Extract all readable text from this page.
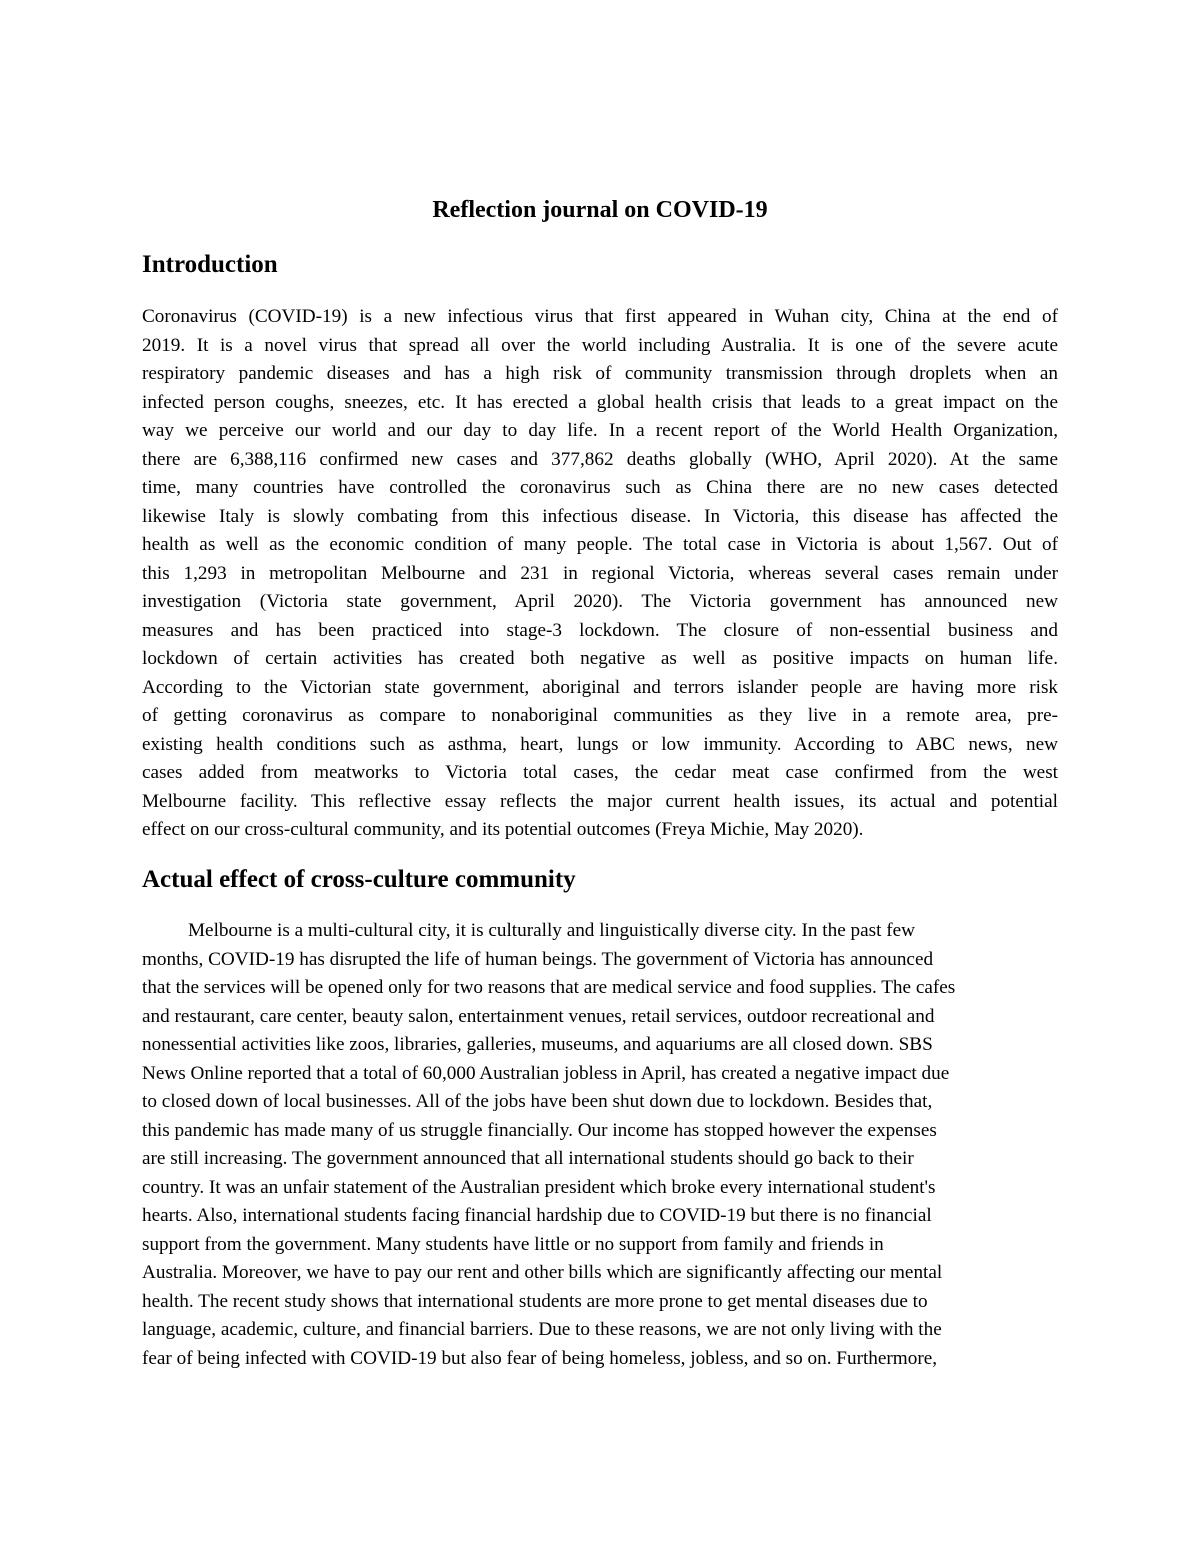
Reflection journal on COVID-19
Introduction
Coronavirus (COVID-19) is a new infectious virus that first appeared in Wuhan city, China at the end of
2019. It is a novel virus that spread all over the world including Australia. It is one of the severe acute
respiratory pandemic diseases and has a high risk of community transmission through droplets when an
infected person coughs, sneezes, etc. It has erected a global health crisis that leads to a great impact on the
way we perceive our world and our day to day life. In a recent report of the World Health Organization,
there are 6,388,116 confirmed new cases and 377,862 deaths globally (WHO, April 2020). At the same
time, many countries have controlled the coronavirus such as China there are no new cases detected
likewise Italy is slowly combating from this infectious disease. In Victoria, this disease has affected the
health as well as the economic condition of many people. The total case in Victoria is about 1,567. Out of
this 1,293 in metropolitan Melbourne and 231 in regional Victoria, whereas several cases remain under
investigation (Victoria state government, April 2020). The Victoria government has announced new
measures and has been practiced into stage-3 lockdown. The closure of non-essential business and
lockdown of certain activities has created both negative as well as positive impacts on human life.
According to the Victorian state government, aboriginal and terrors islander people are having more risk
of getting coronavirus as compare to nonaboriginal communities as they live in a remote area, pre-
existing health conditions such as asthma, heart, lungs or low immunity. According to ABC news, new
cases added from meatworks to Victoria total cases, the cedar meat case confirmed from the west
Melbourne facility. This reflective essay reflects the major current health issues, its actual and potential
effect on our cross-cultural community, and its potential outcomes (Freya Michie, May 2020).
Actual effect of cross-culture community
Melbourne is a multi-cultural city, it is culturally and linguistically diverse city. In the past few
months, COVID-19 has disrupted the life of human beings. The government of Victoria has announced
that the services will be opened only for two reasons that are medical service and food supplies. The cafes
and restaurant, care center, beauty salon, entertainment venues, retail services, outdoor recreational and
nonessential activities like zoos, libraries, galleries, museums, and aquariums are all closed down. SBS
News Online reported that a total of 60,000 Australian jobless in April, has created a negative impact due
to closed down of local businesses. All of the jobs have been shut down due to lockdown. Besides that,
this pandemic has made many of us struggle financially. Our income has stopped however the expenses
are still increasing. The government announced that all international students should go back to their
country. It was an unfair statement of the Australian president which broke every international student's
hearts. Also, international students facing financial hardship due to COVID-19 but there is no financial
support from the government. Many students have little or no support from family and friends in
Australia. Moreover, we have to pay our rent and other bills which are significantly affecting our mental
health. The recent study shows that international students are more prone to get mental diseases due to
language, academic, culture, and financial barriers. Due to these reasons, we are not only living with the
fear of being infected with COVID-19 but also fear of being homeless, jobless, and so on. Furthermore,
